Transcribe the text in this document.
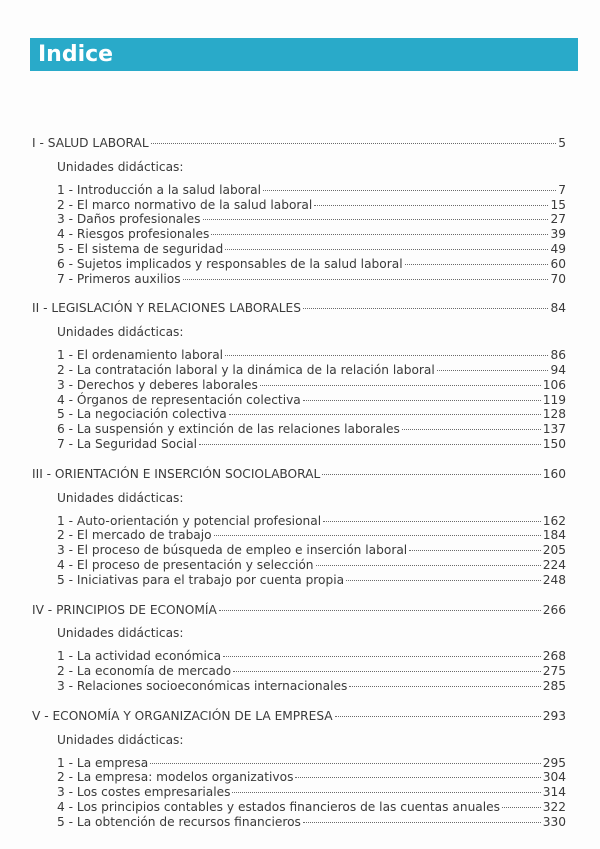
Indice
I - SALUD LABORAL	5
Unidades didácticas:
1 - Introducción a la salud laboral	7
2 - El marco normativo de la salud laboral	15
3 - Daños profesionales	27
4 - Riesgos profesionales	39
5 - El sistema de seguridad	49
6 - Sujetos implicados y responsables de la salud laboral	60
7 - Primeros auxilios	70
II - LEGISLACIÓN Y RELACIONES LABORALES	84
Unidades didácticas:
1 - El ordenamiento laboral	86
2 - La contratación laboral y la dinámica de la relación laboral	94
3 - Derechos y deberes laborales	106
4 - Órganos de representación colectiva	119
5 - La negociación colectiva	128
6 - La suspensión y extinción de las relaciones laborales	137
7 - La Seguridad Social	150
III - ORIENTACIÓN E INSERCIÓN SOCIOLABORAL	160
Unidades didácticas:
1 - Auto-orientación y potencial profesional	162
2 - El mercado de trabajo	184
3 - El proceso de búsqueda de empleo e inserción laboral	205
4 - El proceso de presentación y selección	224
5 - Iniciativas para el trabajo por cuenta propia	248
IV - PRINCIPIOS DE ECONOMÍA	266
Unidades didácticas:
1 - La actividad económica	268
2 - La economía de mercado	275
3 - Relaciones socioeconómicas internacionales	285
V - ECONOMÍA Y ORGANIZACIÓN DE LA EMPRESA	293
Unidades didácticas:
1 - La empresa	295
2 - La empresa: modelos organizativos	304
3 - Los costes empresariales	314
4 - Los principios contables y estados financieros de las cuentas anuales	322
5 - La obtención de recursos financieros	330
